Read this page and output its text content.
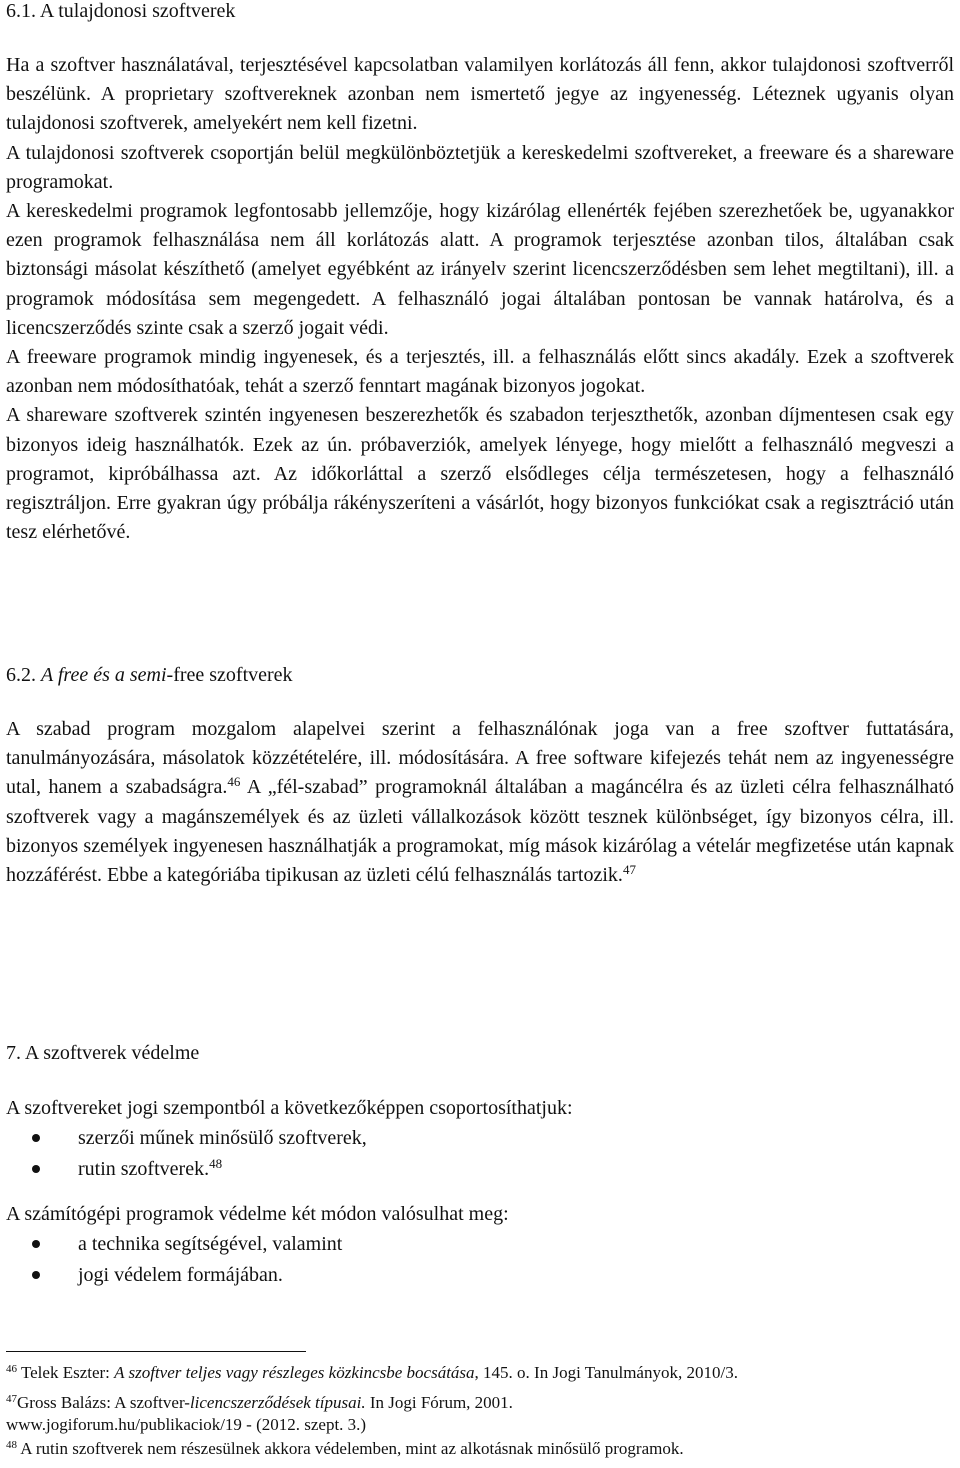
6.1. A tulajdonosi szoftverek

Ha a szoftver használatával, terjesztésével kapcsolatban valamilyen korlátozás áll fenn, akkor tulajdonosi szoftverről beszélünk. A proprietary szoftvereknek azonban nem ismertető jegye az ingyenesség. Léteznek ugyanis olyan tulajdonosi szoftverek, amelyekért nem kell fizetni.

A tulajdonosi szoftverek csoportján belül megkülönböztetjük a kereskedelmi szoftvereket, a freeware és a shareware programokat.

A kereskedelmi programok legfontosabb jellemzője, hogy kizárólag ellenérték fejében szerezhetőek be, ugyanakkor ezen programok felhasználása nem áll korlátozás alatt. A programok terjesztése azonban tilos, általában csak biztonsági másolat készíthető (amelyet egyébként az irányelv szerint licencszerződésben sem lehet megtiltani), ill. a programok módosítása sem megengedett. A felhasználó jogai általában pontosan be vannak határolva, és a licencszerződés szinte csak a szerző jogait védi.

A freeware programok mindig ingyenesek, és a terjesztés, ill. a felhasználás előtt sincs akadály. Ezek a szoftverek azonban nem módosíthatóak, tehát a szerző fenntart magának bizonyos jogokat.

A shareware szoftverek szintén ingyenesen beszerezhetők és szabadon terjeszthetők, azonban díjmentesen csak egy bizonyos ideig használhatók. Ezek az ún. próbaverziók, amelyek lényege, hogy mielőtt a felhasználó megveszi a programot, kipróbálhassa azt. Az időkorláttal a szerző elsődleges célja természetesen, hogy a felhasználó regisztráljon. Erre gyakran úgy próbálja rákényszeríteni a vásárlót, hogy bizonyos funkciókat csak a regisztráció után tesz elérhetővé.

6.2. A free és a semi-free szoftverek

A szabad program mozgalom alapelvei szerint a felhasználónak joga van a free szoftver futtatására, tanulmányozására, másolatok közzétételére, ill. módosítására. A free software kifejezés tehát nem az ingyenességre utal, hanem a szabadságra.$^{46}$ A „fél-szabad” programoknál általában a magáncélra és az üzleti célra felhasználható szoftverek vagy a magánszemélyek és az üzleti vállalkozások között tesznek különbséget, így bizonyos célra, ill. bizonyos személyek ingyenesen használhatják a programokat, míg mások kizárólag a vételár megfizetése után kapnak hozzáférést. Ebbe a kategóriába tipikusan az üzleti célú felhasználás tartozik.$^{47}$

7. A szoftverek védelme

A szoftvereket jogi szempontból a következőképpen csoportosíthatjuk:

szerzői műnek minősülő szoftverek,
rutin szoftverek.$^{48}$

A számítógépi programok védelme két módon valósulhat meg:

a technika segítségével, valamint
jogi védelem formájában.
$^{46}$ Telek Eszter: A szoftver teljes vagy részleges közkincsbe bocsátása, 145. o. In Jogi Tanulmányok, 2010/3.
$^{47}$Gross Balázs: A szoftver-licencszerződések típusai. In Jogi Fórum, 2001.
www.jogiforum.hu/publikaciok/19 - (2012. szept. 3.)
$^{48}$ A rutin szoftverek nem részesülnek akkora védelemben, mint az alkotásnak minősülő programok.
